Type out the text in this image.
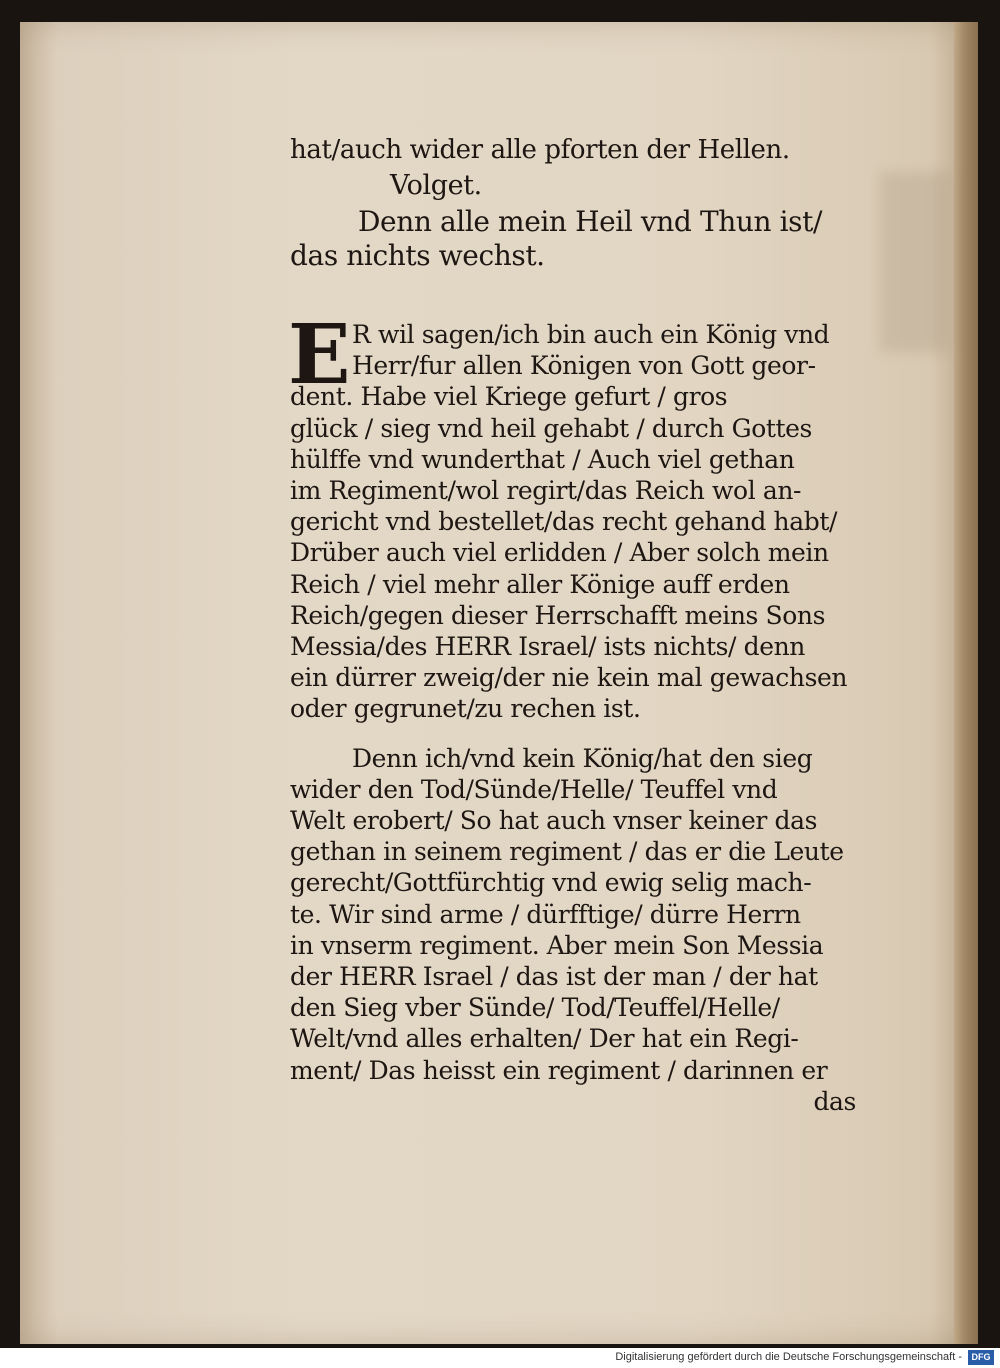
hat/auch wider alle pforten der Hellen.
Volget.
Denn alle mein Heil vnd Thun ist/
das nichts wechst.
E R wil sagen/ich bin auch ein König vnd
Herr/fur allen Königen von Gott geor-
dent. Habe viel Kriege gefurt / gros
glück / sieg vnd heil gehabt / durch Gottes
hülffe vnd wunderthat / Auch viel gethan
im Regiment/wol regirt/das Reich wol an-
gericht vnd bestellet/das recht gehand habt/
Drüber auch viel erlidden / Aber solch mein
Reich / viel mehr aller Könige auff erden
Reich/gegen dieser Herrschafft meins Sons
Messia/des HERR Israel/ ists nichts/ denn
ein dürrer zweig/der nie kein mal gewachsen
oder gegrunet/zu rechen ist.
Denn ich/vnd kein König/hat den sieg
wider den Tod/Sünde/Helle/ Teuffel vnd
Welt erobert/ So hat auch vnser keiner das
gethan in seinem regiment / das er die Leute
gerecht/Gottfürchtig vnd ewig selig mach-
te. Wir sind arme / dürfftige/ dürre Herrn
in vnserm regiment. Aber mein Son Messia
der HERR Israel / das ist der man / der hat
den Sieg vber Sünde/ Tod/Teuffel/Helle/
Welt/vnd alles erhalten/ Der hat ein Regi-
ment/ Das heisst ein regiment / darinnen er
das
Digitalisierung gefördert durch die Deutsche Forschungsgemeinschaft -	DFG
